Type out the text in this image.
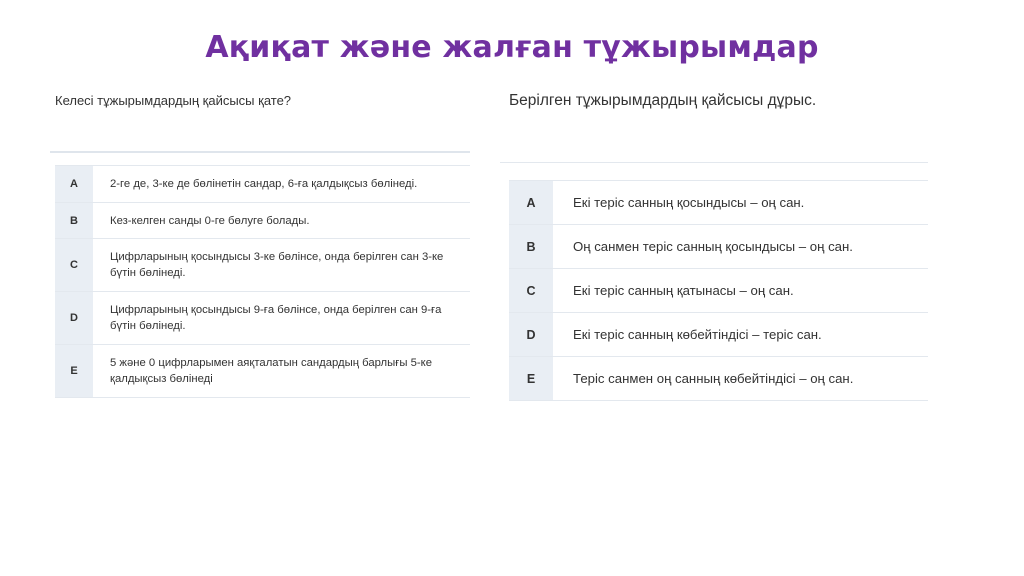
Ақиқат және жалған тұжырымдар
Келесі тұжырымдардың қайсысы қате?
A	2-ге де, 3-ке де бөлінетін сандар, 6-ға қалдықсыз бөлінеді.
B	Кез-келген санды 0-ге бөлуге болады.
C	Цифрларының қосындысы 3-ке бөлінсе, онда берілген сан 3-ке бүтін бөлінеді.
D	Цифрларының қосындысы 9-ға бөлінсе, онда берілген сан 9-ға бүтін бөлінеді.
E	5 және 0 цифрларымен аяқталатын сандардың барлығы 5-ке қалдықсыз бөлінеді
Берілген тұжырымдардың қайсысы дұрыс.
A	Екі теріс санның қосындысы – оң сан.
B	Оң санмен теріс санның қосындысы – оң сан.
C	Екі теріс санның қатынасы – оң сан.
D	Екі теріс санның көбейтіндісі – теріс сан.
E	Теріс санмен оң санның көбейтіндісі – оң сан.
